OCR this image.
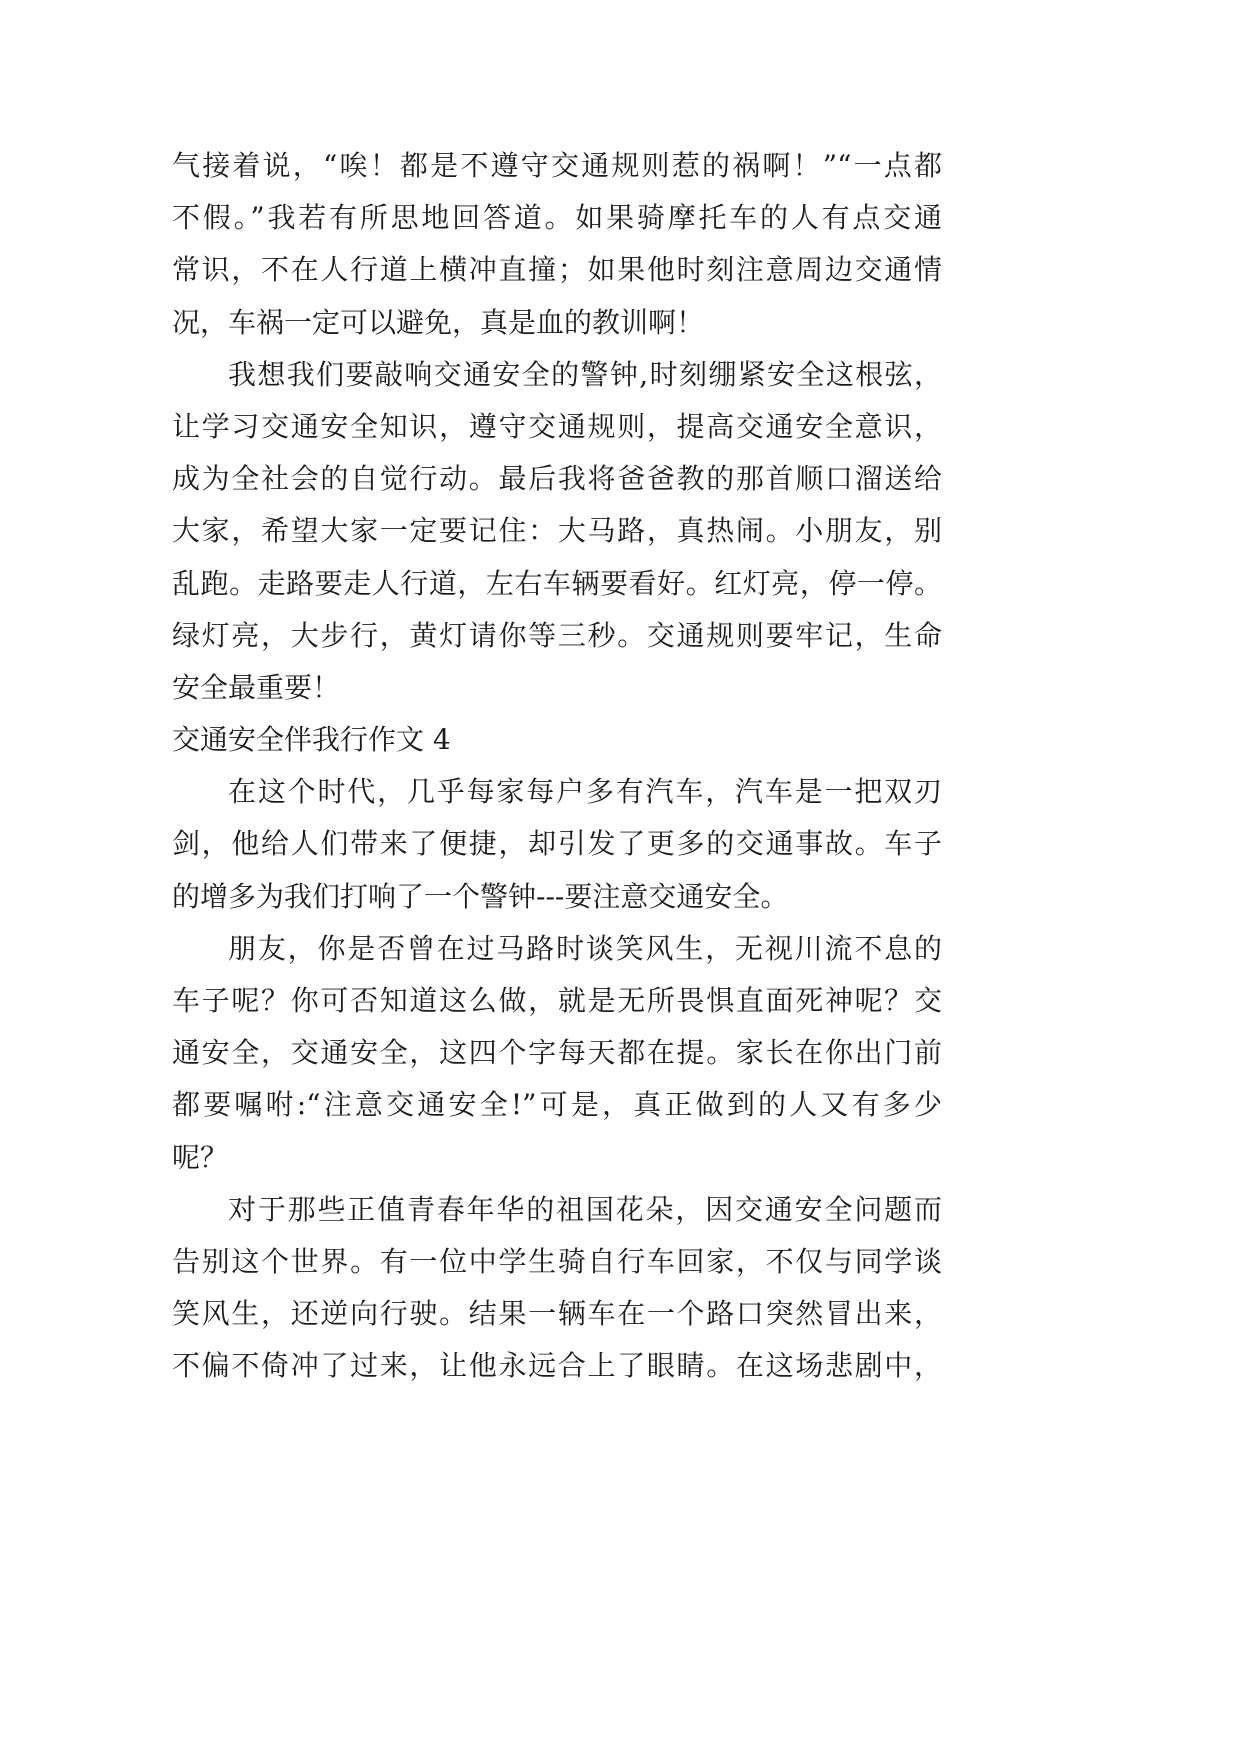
气接着说，“唉！都是不遵守交通规则惹的祸啊！”“一点都
不假。”我若有所思地回答道。如果骑摩托车的人有点交通
常识，不在人行道上横冲直撞；如果他时刻注意周边交通情
况，车祸一定可以避免，真是血的教训啊！
我想我们要敲响交通安全的警钟,时刻绷紧安全这根弦，
让学习交通安全知识，遵守交通规则，提高交通安全意识，
成为全社会的自觉行动。最后我将爸爸教的那首顺口溜送给
大家，希望大家一定要记住：大马路，真热闹。小朋友，别
乱跑。走路要走人行道，左右车辆要看好。红灯亮，停一停。
绿灯亮，大步行，黄灯请你等三秒。交通规则要牢记，生命
安全最重要！
交通安全伴我行作文 4
在这个时代，几乎每家每户多有汽车，汽车是一把双刃
剑，他给人们带来了便捷，却引发了更多的交通事故。车子
的增多为我们打响了一个警钟---要注意交通安全。
朋友，你是否曾在过马路时谈笑风生，无视川流不息的
车子呢？你可否知道这么做，就是无所畏惧直面死神呢？交
通安全，交通安全，这四个字每天都在提。家长在你出门前
都要嘱咐:“注意交通安全!”可是，真正做到的人又有多少
呢？
对于那些正值青春年华的祖国花朵，因交通安全问题而
告别这个世界。有一位中学生骑自行车回家，不仅与同学谈
笑风生，还逆向行驶。结果一辆车在一个路口突然冒出来，
不偏不倚冲了过来，让他永远合上了眼睛。在这场悲剧中，
